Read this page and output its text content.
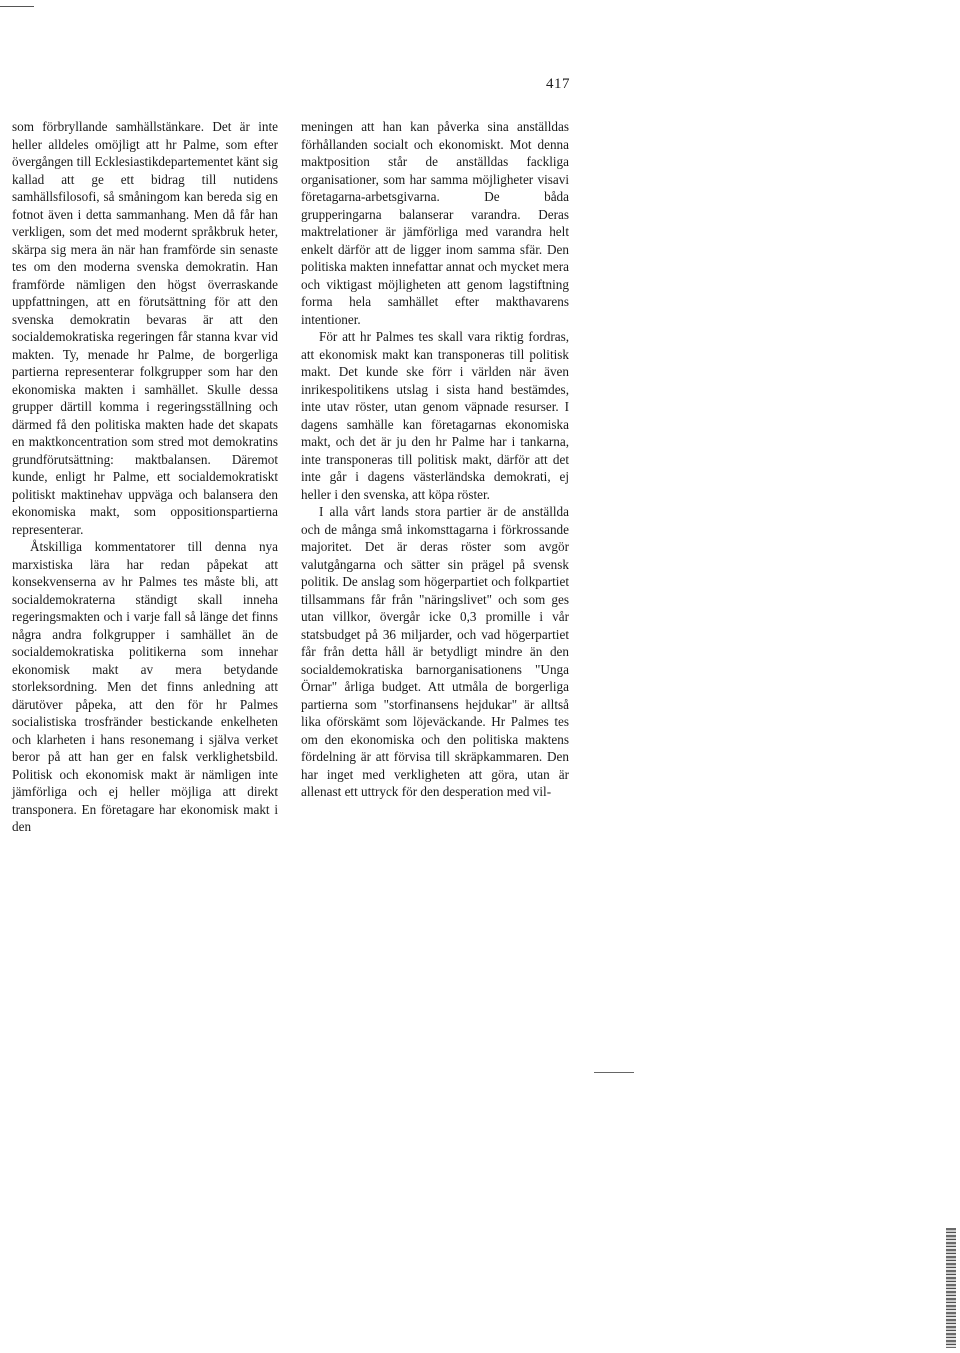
417

som förbryllande samhällstänkare. Det är inte heller alldeles omöjligt att hr Palme, som efter övergången till Ecklesiastikdepartementet känt sig kallad att ge ett bidrag till nutidens samhällsfilosofi, så småningom kan bereda sig en fotnot även i detta sammanhang. Men då får han verkligen, som det med modernt språkbruk heter, skärpa sig mera än när han framförde sin senaste tes om den moderna svenska demokratin. Han framförde nämligen den högst överraskande uppfattningen, att en förutsättning för att den svenska demokratin bevaras är att den socialdemokratiska regeringen får stanna kvar vid makten. Ty, menade hr Palme, de borgerliga partierna representerar folkgrupper som har den ekonomiska makten i samhället. Skulle dessa grupper därtill komma i regeringsställning och därmed få den politiska makten hade det skapats en maktkoncentration som stred mot demokratins grundförutsättning: maktbalansen. Däremot kunde, enligt hr Palme, ett socialdemokratiskt politiskt maktinehav uppväga och balansera den ekonomiska makt, som oppositionspartierna representerar.

Åtskilliga kommentatorer till denna nya marxistiska lära har redan påpekat att konsekvenserna av hr Palmes tes måste bli, att socialdemokraterna ständigt skall inneha regeringsmakten och i varje fall så länge det finns några andra folkgrupper i samhället än de socialdemokratiska politikerna som innehar ekonomisk makt av mera betydande storleksordning. Men det finns anledning att därutöver påpeka, att den för hr Palmes socialistiska trosfränder bestickande enkelheten och klarheten i hans resonemang i själva verket beror på att han ger en falsk verklighetsbild. Politisk och ekonomisk makt är nämligen inte jämförliga och ej heller möjliga att direkt transponera. En företagare har ekonomisk makt i den

meningen att han kan påverka sina anställdas förhållanden socialt och ekonomiskt. Mot denna maktposition står de anställdas fackliga organisationer, som har samma möjligheter visavi företagarna-arbetsgivarna. De båda grupperingarna balanserar varandra. Deras maktrelationer är jämförliga med varandra helt enkelt därför att de ligger inom samma sfär. Den politiska makten innefattar annat och mycket mera och viktigast möjligheten att genom lagstiftning forma hela samhället efter makthavarens intentioner.

För att hr Palmes tes skall vara riktig fordras, att ekonomisk makt kan transponeras till politisk makt. Det kunde ske förr i världen när även inrikespolitikens utslag i sista hand bestämdes, inte utav röster, utan genom väpnade resurser. I dagens samhälle kan företagarnas ekonomiska makt, och det är ju den hr Palme har i tankarna, inte transponeras till politisk makt, därför att det inte går i dagens västerländska demokrati, ej heller i den svenska, att köpa röster.

I alla vårt lands stora partier är de anställda och de många små inkomsttagarna i förkrossande majoritet. Det är deras röster som avgör valutgångarna och sätter sin prägel på svensk politik. De anslag som högerpartiet och folkpartiet tillsammans får från "näringslivet" och som ges utan villkor, övergår icke 0,3 promille i vår statsbudget på 36 miljarder, och vad högerpartiet får från detta håll är betydligt mindre än den socialdemokratiska barnorganisationens "Unga Örnar" årliga budget. Att utmåla de borgerliga partierna som "storfinansens hejdukar" är alltså lika oförskämt som löjeväckande. Hr Palmes tes om den ekonomiska och den politiska maktens fördelning är att förvisa till skräpkammaren. Den har inget med verkligheten att göra, utan är allenast ett uttryck för den desperation med vil-
